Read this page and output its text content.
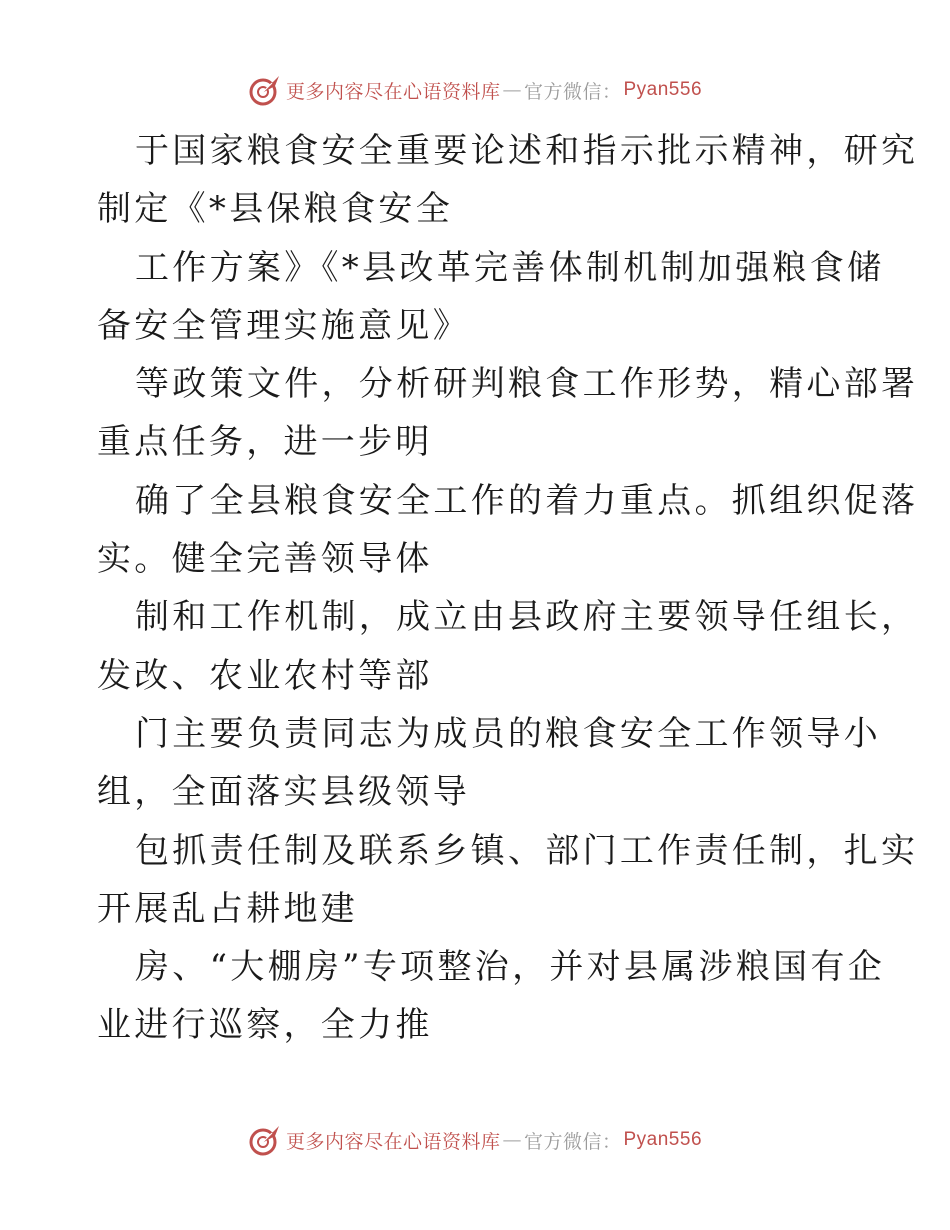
更多内容尽在心语资料库 — 官方微信： Pyan556
于国家粮食安全重要论述和指示批示精神，研究
制定《*县保粮食安全
工作方案》《*县改革完善体制机制加强粮食储
备安全管理实施意见》
等政策文件，分析研判粮食工作形势，精心部署
重点任务，进一步明
确了全县粮食安全工作的着力重点。抓组织促落
实。健全完善领导体
制和工作机制，成立由县政府主要领导任组长，
发改、农业农村等部
门主要负责同志为成员的粮食安全工作领导小
组，全面落实县级领导
包抓责任制及联系乡镇、部门工作责任制，扎实
开展乱占耕地建
房、“大棚房”专项整治，并对县属涉粮国有企
业进行巡察，全力推
更多内容尽在心语资料库 — 官方微信： Pyan556
